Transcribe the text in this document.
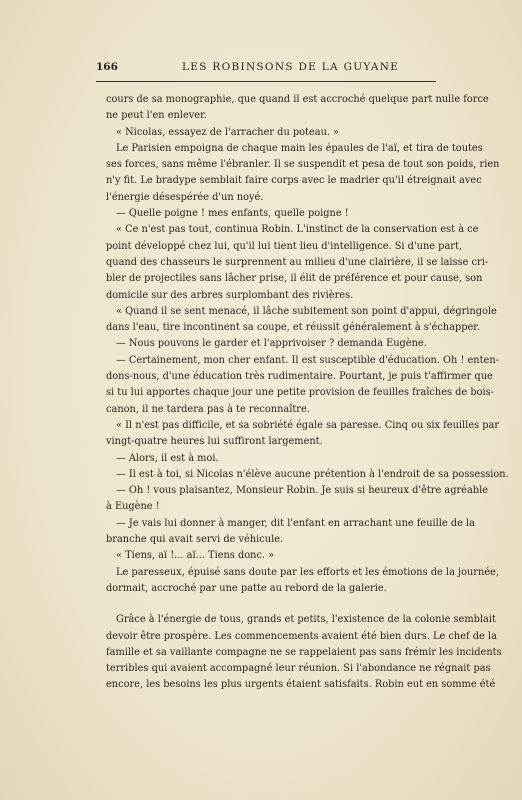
166	LES ROBINSONS DE LA GUYANE

cours de sa monographie, que quand il est accroché quelque part nulle force
ne peut l'en enlever.

« Nicolas, essayez de l'arracher du poteau. »

Le Parisien empoigna de chaque main les épaules de l'aï, et tira de toutes
ses forces, sans même l'ébranler. Il se suspendit et pesa de tout son poids, rien
n'y fit. Le bradype semblait faire corps avec le madrier qu'il étreignait avec
l'énergie désespérée d'un noyé.

— Quelle poigne ! mes enfants, quelle poigne !

« Ce n'est pas tout, continua Robin. L'instinct de la conservation est à ce
point développé chez lui, qu'il lui tient lieu d'intelligence. Si d'une part,
quand des chasseurs le surprennent au milieu d'une clairière, il se laisse cri-
bler de projectiles sans lâcher prise, il élit de préférence et pour cause, son
domicile sur des arbres surplombant des rivières.

« Quand il se sent menacé, il lâche subitement son point d'appui, dégringole
dans l'eau, tire incontinent sa coupe, et réussit généralement à s'échapper.

— Nous pouvons le garder et l'apprivoiser ? demanda Eugène.

— Certainement, mon cher enfant. Il est susceptible d'éducation. Oh ! enten-
dons-nous, d'une éducation très rudimentaire. Pourtant, je puis t'affirmer que
si tu lui apportes chaque jour une petite provision de feuilles fraîches de bois-
canon, il ne tardera pas à te reconnaître.

« Il n'est pas difficile, et sa sobriété égale sa paresse. Cinq ou six feuilles par
vingt-quatre heures lui suffiront largement.

— Alors, il est à moi.

— Il est à toi, si Nicolas n'élève aucune prétention à l'endroit de sa possession.

— Oh ! vous plaisantez, Monsieur Robin. Je suis si heureux d'être agréable
à Eugène !

— Je vais lui donner à manger, dit l'enfant en arrachant une feuille de la
branche qui avait servi de véhicule.

« Tiens, aï !... aï... Tiens donc. »

Le paresseux, épuisé sans doute par les efforts et les émotions de la journée,
dormait, accroché par une patte au rebord de la galerie.

Grâce à l'énergie de tous, grands et petits, l'existence de la colonie semblait
devoir être prospère. Les commencements avaient été bien durs. Le chef de la
famille et sa vaillante compagne ne se rappelaient pas sans frémir les incidents
terribles qui avaient accompagné leur réunion. Si l'abondance ne régnait pas
encore, les besoins les plus urgents étaient satisfaits. Robin eut en somme été
